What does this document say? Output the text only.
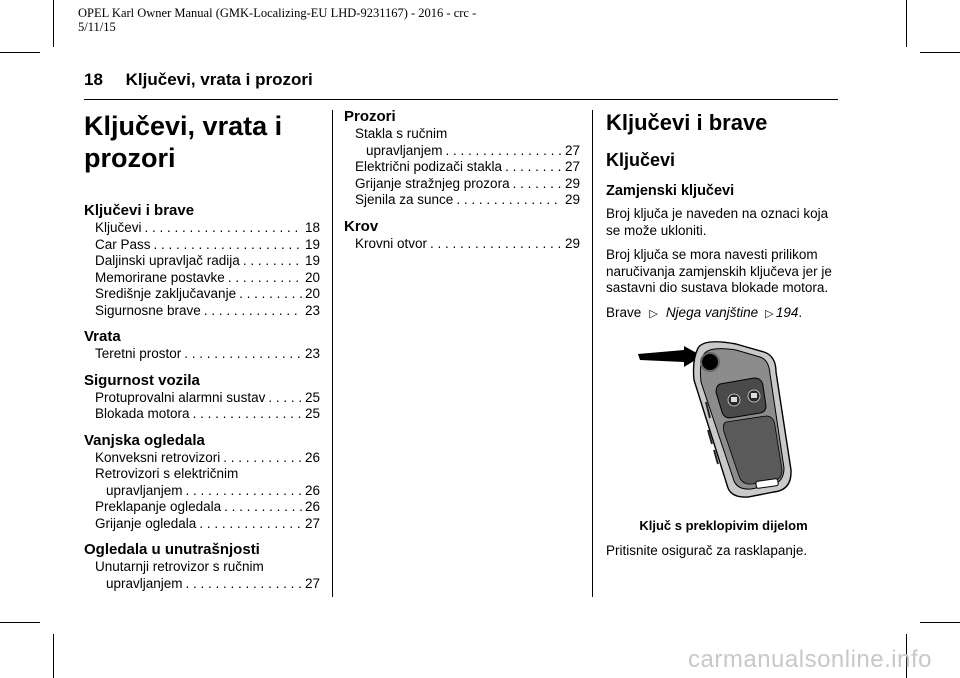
OPEL Karl Owner Manual (GMK-Localizing-EU LHD-9231167) - 2016 - crc -
5/11/15
18 Ključevi, vrata i prozori
Ključevi, vrata i
prozori
Ključevi i brave
Ključevi . . .	18
Car Pass . . .	19
Daljinski upravljač radija . . .	19
Memorirane postavke . . .	20
Središnje zaključavanje . . .	20
Sigurnosne brave . . .	23
Vrata
Teretni prostor . . .	23
Sigurnost vozila
Protuprovalni alarmni sustav . . .	25
Blokada motora . . .	25
Vanjska ogledala
Konveksni retrovizori . . .	26
Retrovizori s električnim
upravljanjem . . .	26
Preklapanje ogledala . . .	26
Grijanje ogledala . . .	27
Ogledala u unutrašnjosti
Unutarnji retrovizor s ručnim
upravljanjem . . .	27
Prozori
Stakla s ručnim
upravljanjem . . .	27
Električni podizači stakla . . .	27
Grijanje stražnjeg prozora . . .	29
Sjenila za sunce . . .	29
Krov
Krovni otvor . . .	29
Ključevi i brave
Ključevi
Zamjenski ključevi

Broj ključa je naveden na oznaci koja se može ukloniti.

Broj ključa se mora navesti prilikom naručivanja zamjenskih ključeva jer je sastavni dio sustava blokade motora.

Brave ▷ Njega vanjštine ▷ 194.

Ključ s preklopivim dijelom

Pritisnite osigurač za rasklapanje.

carmanualsonline.info
